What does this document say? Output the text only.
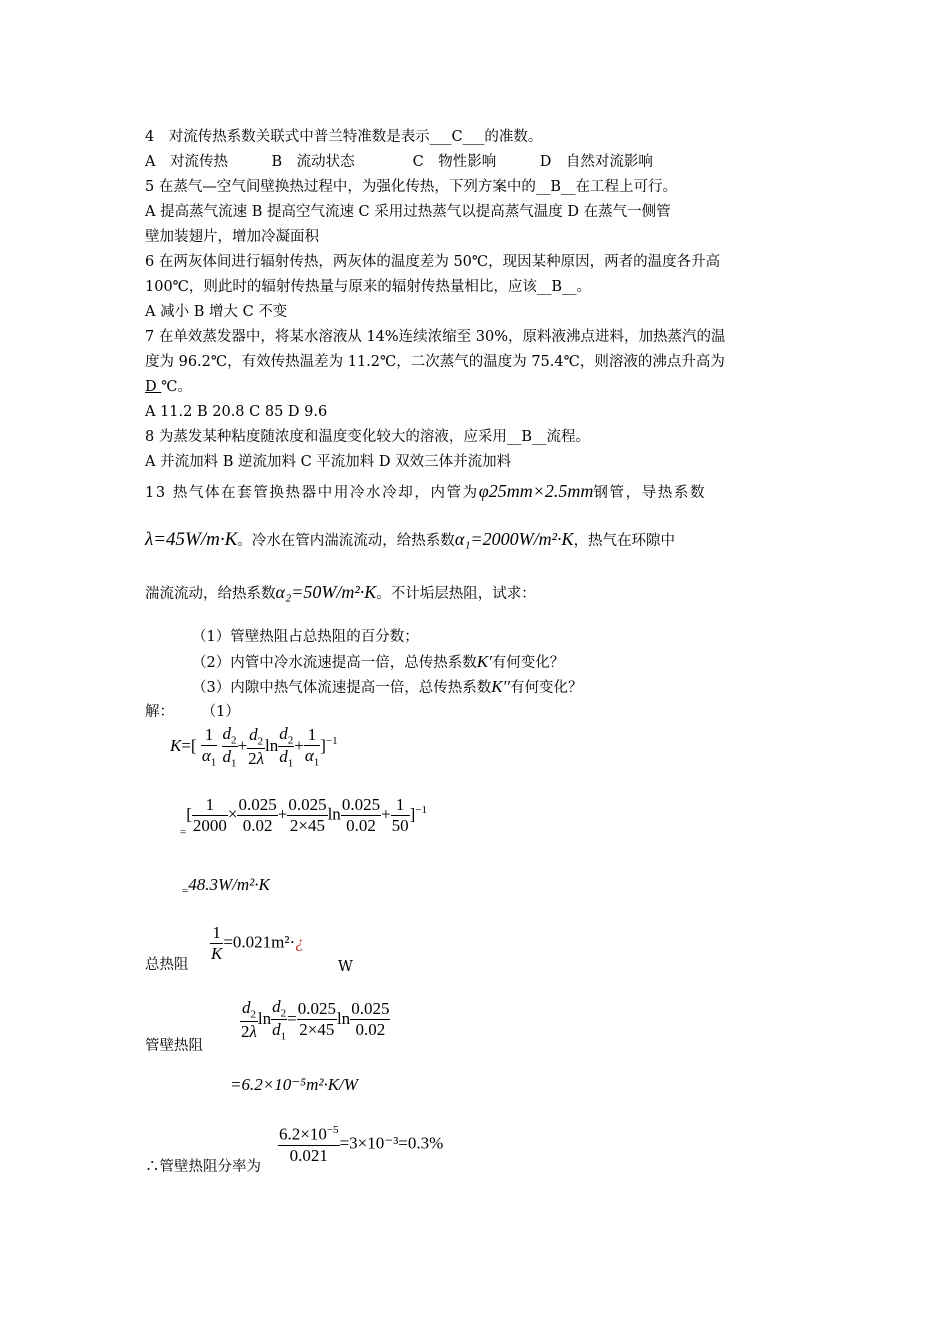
4　对流传热系数关联式中普兰特准数是表示___C___的准数。
A　对流传热　　　B　流动状态　　　　C　物性影响　　　D　自然对流影响
5 在蒸气—空气间壁换热过程中，为强化传热，下列方案中的__B__在工程上可行。
A 提高蒸气流速 B 提高空气流速 C 采用过热蒸气以提高蒸气温度 D 在蒸气一侧管
壁加装翅片，增加冷凝面积
6 在两灰体间进行辐射传热，两灰体的温度差为 50℃，现因某种原因，两者的温度各升高
100℃，则此时的辐射传热量与原来的辐射传热量相比，应该__B__。
A 减小 B 增大 C 不变
7 在单效蒸发器中，将某水溶液从 14%连续浓缩至 30%，原料液沸点进料，加热蒸汽的温
度为 96.2℃，有效传热温差为 11.2℃，二次蒸气的温度为 75.4℃，则溶液的沸点升高为
D ℃。
A 11.2 B 20.8 C 85 D 9.6
8 为蒸发某种粘度随浓度和温度变化较大的溶液，应采用__B__流程。
A 并流加料 B 逆流加料 C 平流加料 D 双效三体并流加料
13 热气体在套管换热器中用冷水冷却，内管为φ25mm×2.5mm钢管，导热系数
λ=45W/m·K。冷水在管内湍流流动，给热系数α₁=2000W/m²·K，热气在环隙中
湍流流动，给热系数α₂=50W/m²·K。不计垢层热阻，试求：
（1）管壁热阻占总热阻的百分数；
（2）内管中冷水流速提高一倍，总传热系数K′有何变化？
（3）内隙中热气体流速提高一倍，总传热系数K′′有何变化？
解： （1）
$K=[ \frac{1}{\alpha_1}$
$\frac{d_2}{d_1} + \frac{d_2}{2\lambda}$ $\ln \frac{d_2}{d_1} + \frac{1}{\alpha_1} ]^{-1}$
$_=[ \frac{1}{2000} \times \frac{0.025}{0.02} + \frac{0.025}{2\times 45}$ $\ln \frac{0.025}{0.02} + \frac{1}{50} ]^{-1}$
$_=$48.3W/m²·K
总热阻
$\frac{1}{K}$ =0.021m²·¿
W
管壁热阻
$\frac{d_2}{2\lambda}$ $\ln \frac{d_2}{d_1} = \frac{0.025}{2\times 45}$ $\ln \frac{0.025}{0.02}$
=6.2×10⁻⁵m²·K/W
∴管壁热阻分率为
$\frac{6.2\times 10^{-5}}{0.021} =3\times 10^{-3}=0.3\%$
